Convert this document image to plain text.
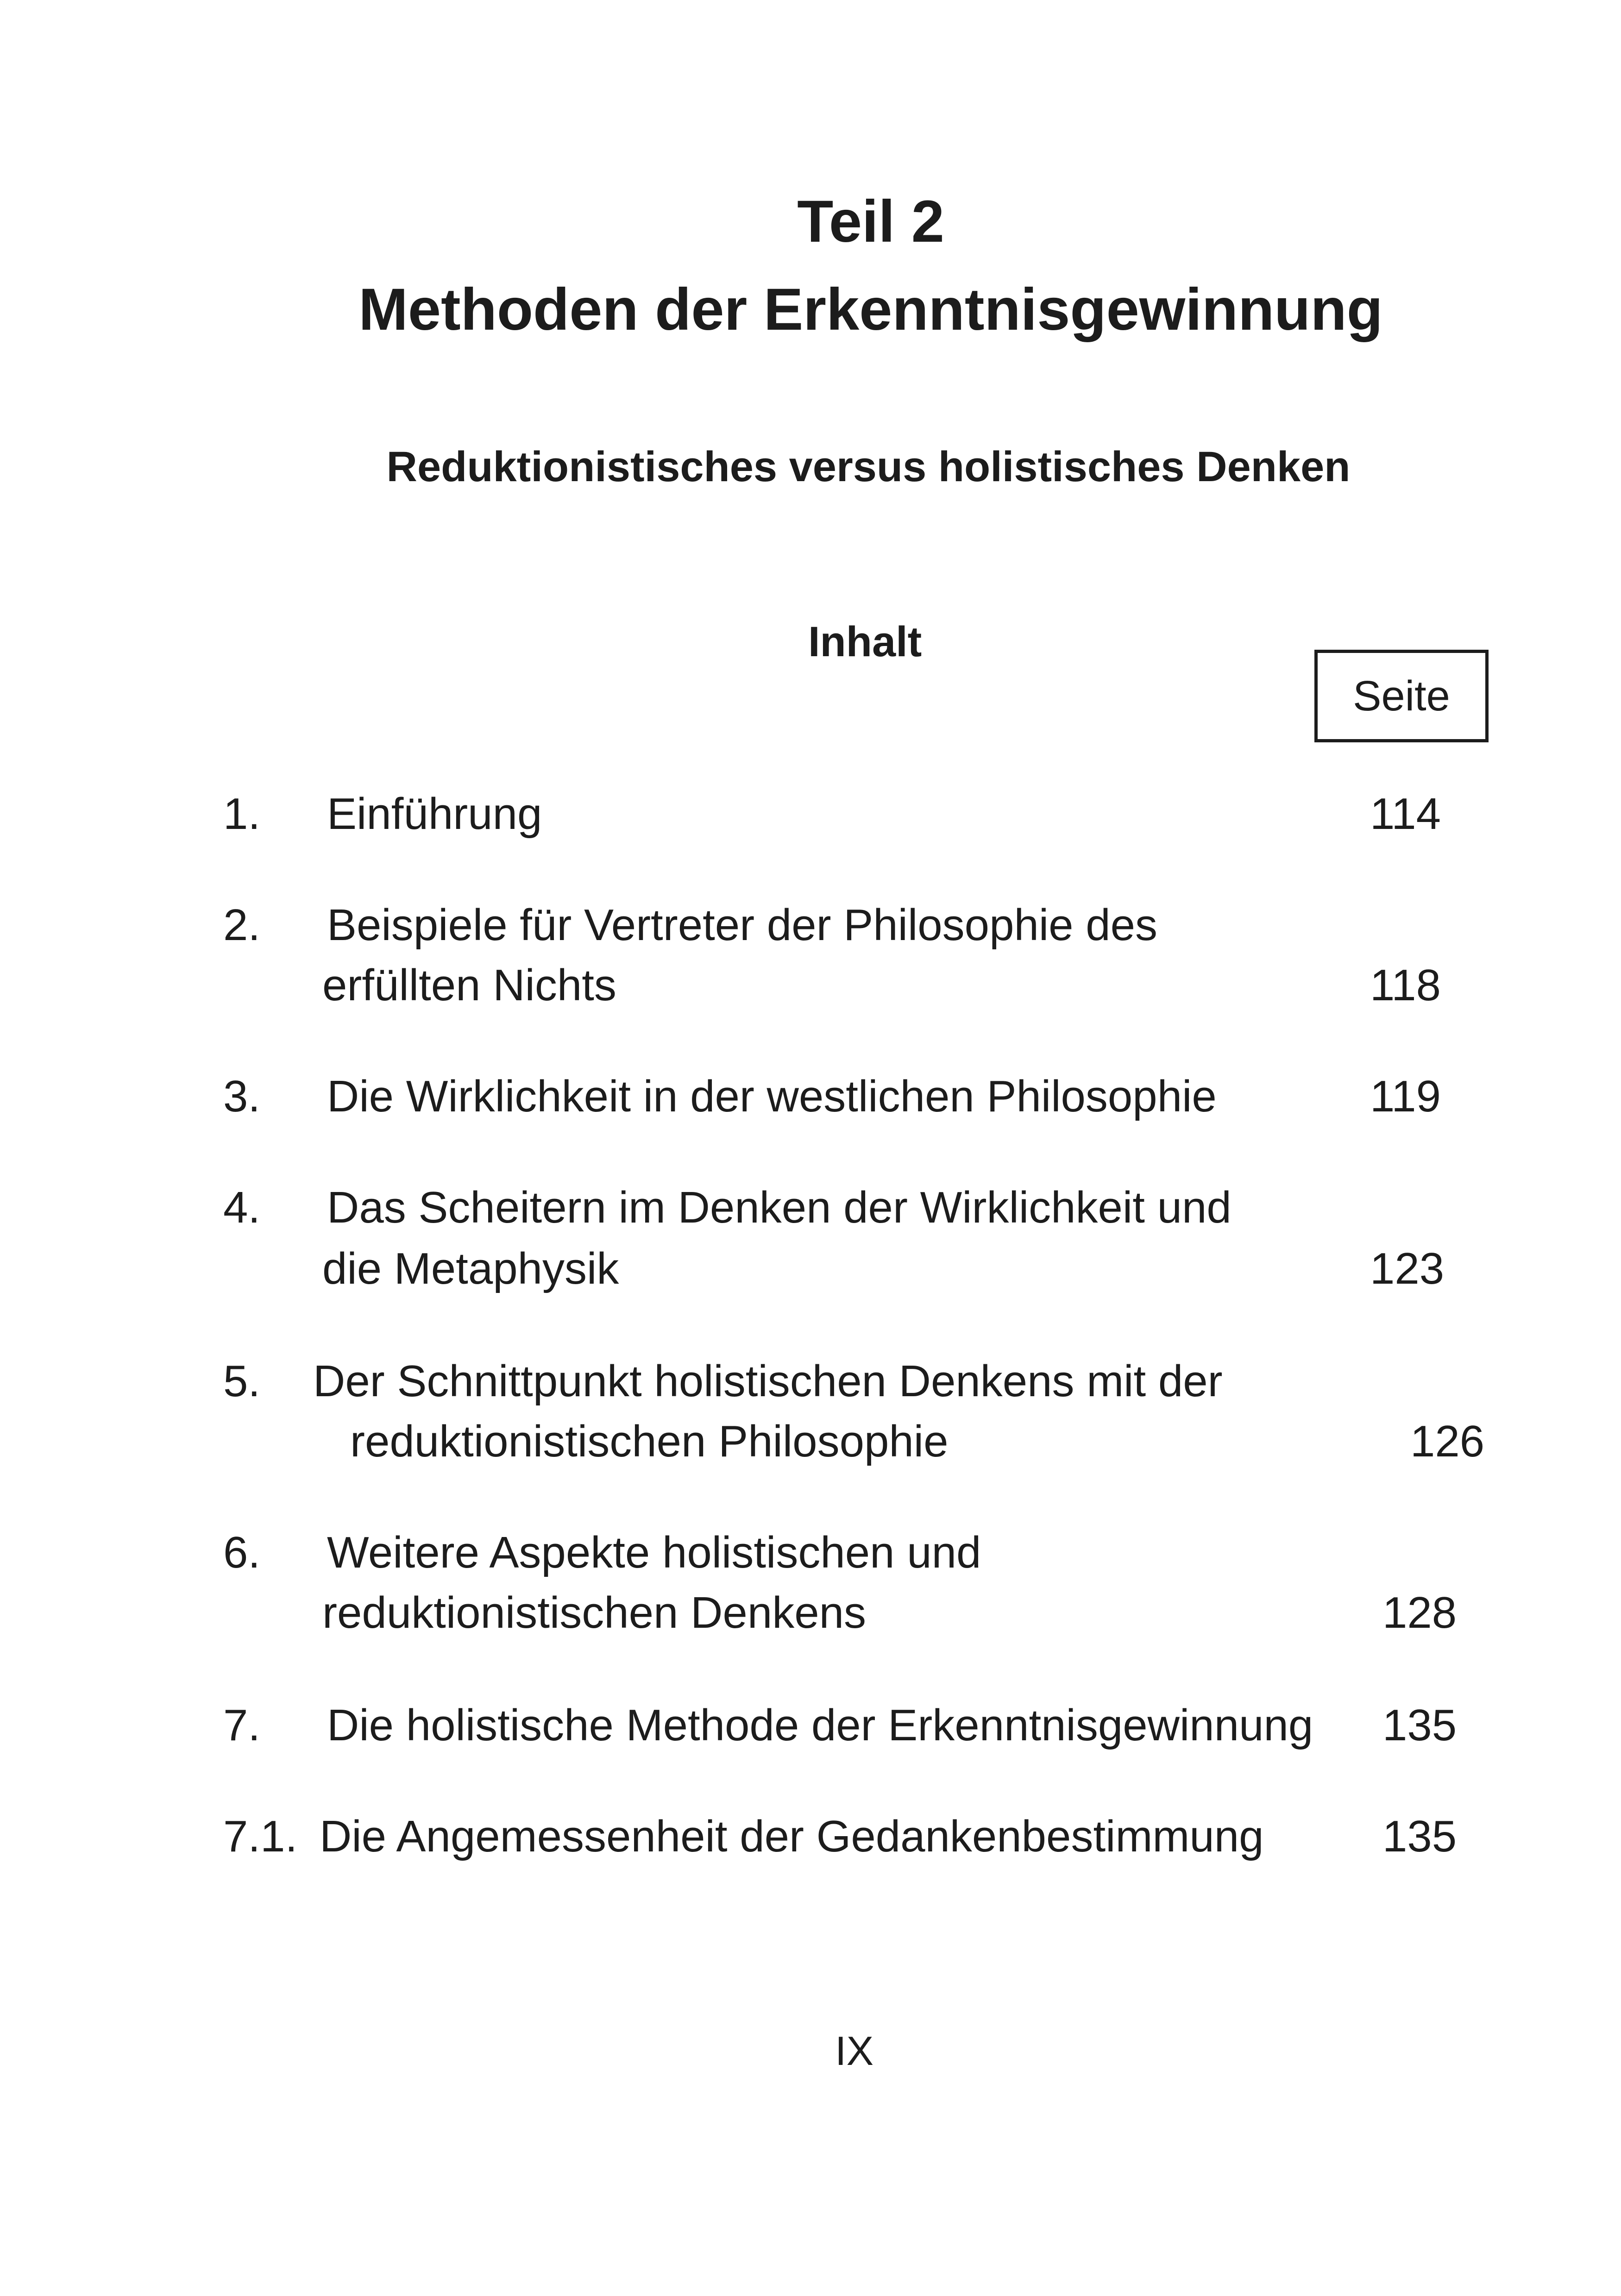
Teil 2
Methoden der Erkenntnisgewinnung
Reduktionistisches versus holistisches Denken
Inhalt
Seite
1. Einführung	114
2. Beispiele für Vertreter der Philosophie des
erfüllten Nichts	118
3. Die Wirklichkeit in der westlichen Philosophie	119
4. Das Scheitern im Denken der Wirklichkeit und
die Metaphysik	123
5. Der Schnittpunkt holistischen Denkens mit der
reduktionistischen Philosophie	126
6. Weitere Aspekte holistischen und
reduktionistischen Denkens	128
7. Die holistische Methode der Erkenntnisgewinnung 135
7.1. Die Angemessenheit der Gedankenbestimmung	135
IX
